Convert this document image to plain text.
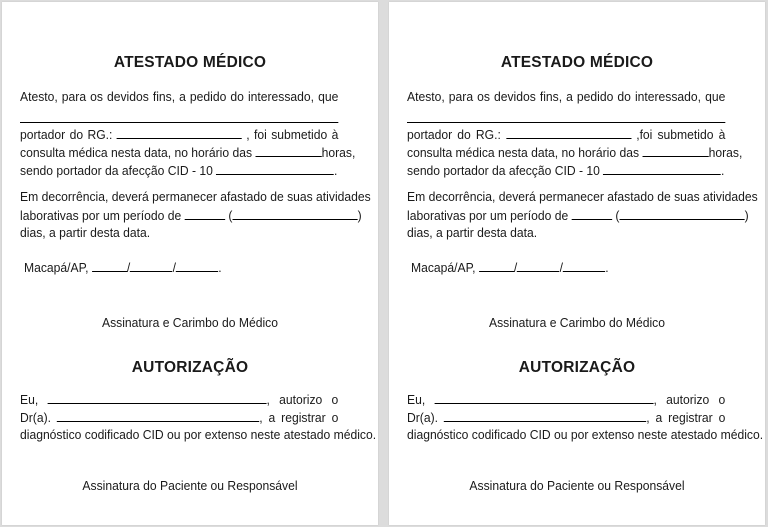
ATESTADO MÉDICO
Atesto, para os devidos fins, a pedido do interessado, que
portador do RG.:	, foi submetido à
consulta médica nesta data, no horário das	horas,
sendo portador da afecção CID - 10	.
Em decorrência, deverá permanecer afastado de suas atividades
laborativas por um período de	(	)
dias, a partir desta data.
Macapá/AP,	/	/	.
Assinatura e Carimbo do Médico
AUTORIZAÇÃO
Eu,	, autorizo o
Dr(a).	, a registrar o
diagnóstico codificado CID ou por extenso neste atestado médico.
Assinatura do Paciente ou Responsável
ATESTADO MÉDICO
Atesto, para os devidos fins, a pedido do interessado, que
portador do RG.:	,foi submetido à
consulta médica nesta data, no horário das	horas,
sendo portador da afecção CID - 10	.
Em decorrência, deverá permanecer afastado de suas atividades
laborativas por um período de	(	)
dias, a partir desta data.
Macapá/AP,	/	/	.
Assinatura e Carimbo do Médico
AUTORIZAÇÃO
Eu,	, autorizo o
Dr(a).	, a registrar o
diagnóstico codificado CID ou por extenso neste atestado médico.
Assinatura do Paciente ou Responsável
